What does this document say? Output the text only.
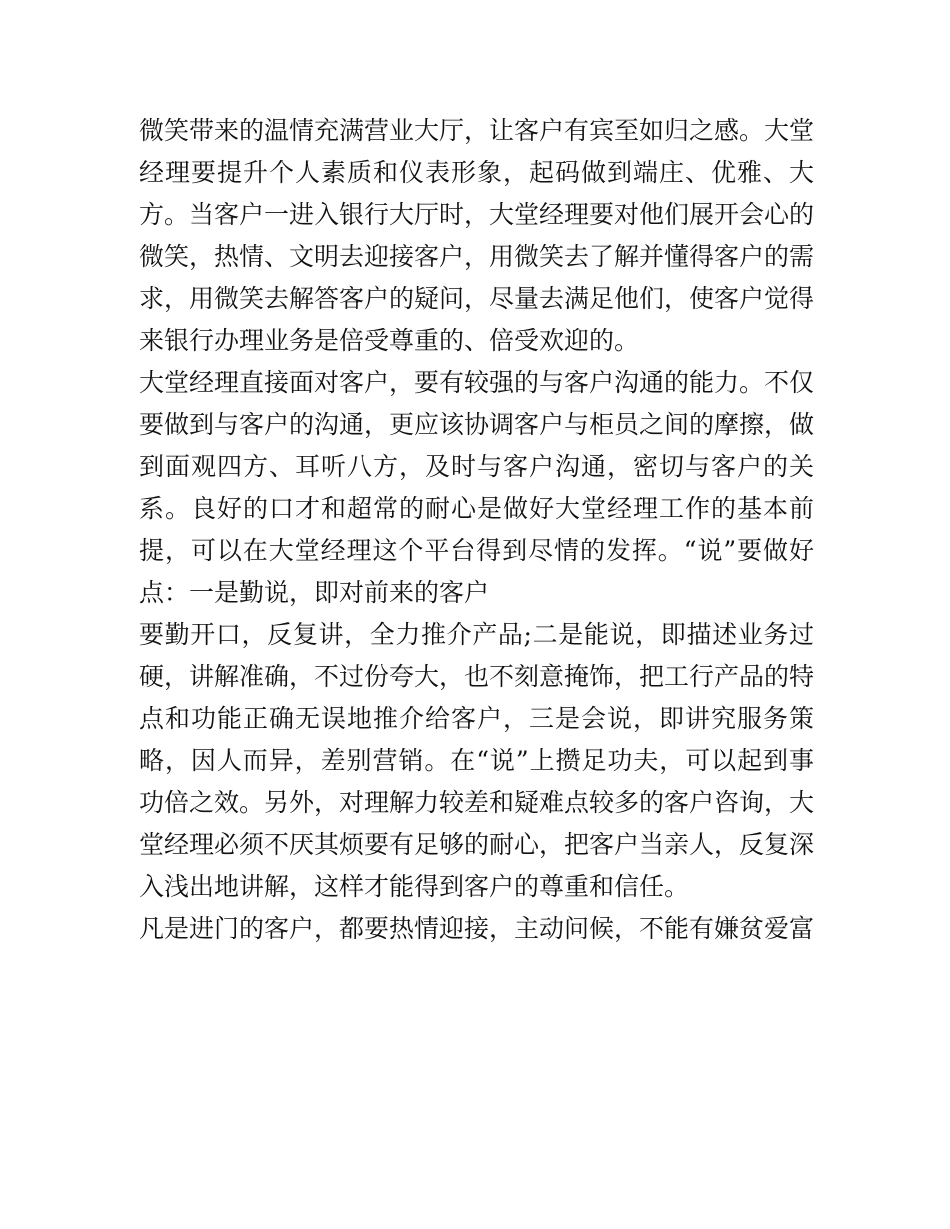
微笑带来的温情充满营业大厅，让客户有宾至如归之感。大堂
经理要提升个人素质和仪表形象，起码做到端庄、优雅、大
方。当客户一进入银行大厅时，大堂经理要对他们展开会心的
微笑，热情、文明去迎接客户，用微笑去了解并懂得客户的需
求，用微笑去解答客户的疑问，尽量去满足他们，使客户觉得
来银行办理业务是倍受尊重的、倍受欢迎的。
大堂经理直接面对客户，要有较强的与客户沟通的能力。不仅
要做到与客户的沟通，更应该协调客户与柜员之间的摩擦，做
到面观四方、耳听八方，及时与客户沟通，密切与客户的关
系。良好的口才和超常的耐心是做好大堂经理工作的基本前
提，可以在大堂经理这个平台得到尽情的发挥。“说”要做好
点：一是勤说，即对前来的客户
要勤开口，反复讲，全力推介产品;二是能说，即描述业务过
硬，讲解准确，不过份夸大，也不刻意掩饰，把工行产品的特
点和功能正确无误地推介给客户，三是会说，即讲究服务策
略，因人而异，差别营销。在“说”上攒足功夫，可以起到事
功倍之效。另外，对理解力较差和疑难点较多的客户咨询，大
堂经理必须不厌其烦要有足够的耐心，把客户当亲人，反复深
入浅出地讲解，这样才能得到客户的尊重和信任。
凡是进门的客户，都要热情迎接，主动问候，不能有嫌贫爱富
